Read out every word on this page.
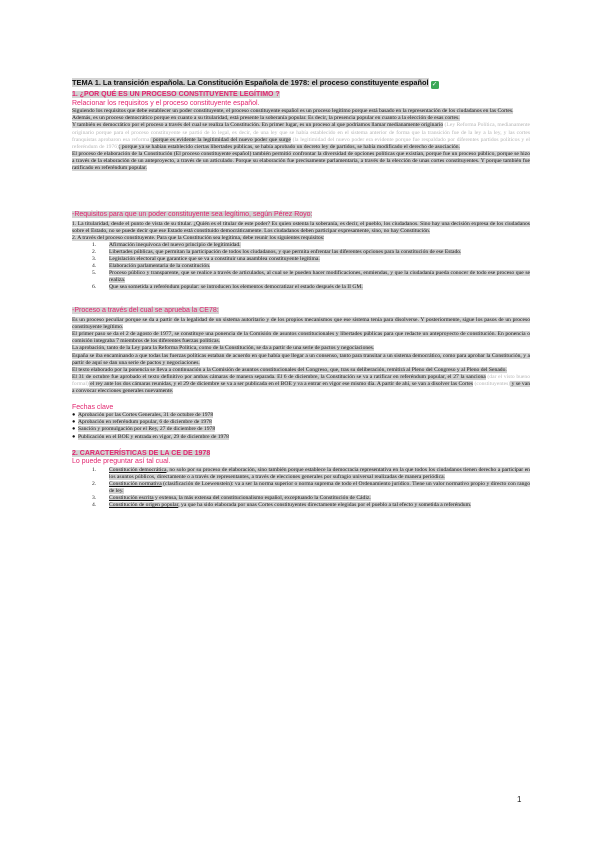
TEMA 1. La transición española. La Constitución Española de 1978: el proceso constituyente español ✓
1. ¿POR QUÉ ES UN PROCESO CONSTITUYENTE LEGÍTIMO ?
Relacionar los requisitos y el proceso constituyente español.

Siguiendo los requisitos que debe establecer un poder constituyente, el proceso constituyente español es un proceso legítimo porque está basado en la representación de los ciudadanos en las Cortes.

Además, es un proceso democrático porque en cuanto a su titularidad, está presente la soberanía popular. Es decir, la presencia popular en cuanto a la elección de esas cortes.

Y también es democrático por el proceso a través del cual se realiza la Constitución. En primer lugar, es un proceso al que podríamos llamar medianamente originario (Ley Reforma Política, medianamente originario porque para el proceso constituyente se partió de lo legal, es decir, de una ley que se había establecido en el sistema anterior de forma que la transición fue de la ley a la ley, y las cortes franquistas aprobaron esa reforma) porque es evidente la legitimidad del nuevo poder que surge (la legitimidad del nuevo poder era evidente porque fue respaldado por diferentes partidos políticos y el referéndum de 1976); porque ya se habían establecido ciertas libertades públicas, se había aprobado un decreto ley de partidos, se había modificado el derecho de asociación.

El proceso de elaboración de la Constitución (El proceso constituyente español) también permitió confrontar la diversidad de opciones políticas que existían, porque fue un proceso público, porque se hizo a través de la elaboración de un anteproyecto, a través de un articulado. Porque su elaboración fue precisamente parlamentaria, a través de la elección de unas cortes constituyentes. Y porque también fue ratificado en referéndum popular.

-Requisitos para que un poder constituyente sea legítimo, según Pérez Royo:

1. La titularidad, desde el punto de vista de su titular. ¿Quién es el titular de este poder? Es quien ostenta la soberanía, es decir, el pueblo, los ciudadanos. Sino hay una decisión expresa de los ciudadanos sobre el Estado, no se puede decir que ese Estado está constituido democráticamente. Los ciudadanos deben participar expresamente, sino, no hay Constitución.

2. A través del proceso constituyente. Para que la Constitución sea legítima, debe reunir los siguientes requisitos:

1. Afirmación inequívoca del nuevo principio de legitimidad.
2. Libertades públicas, que permitan la participación de todos los ciudadanos, y que permita enfrentar las diferentes opciones para la constitución de ese Estado.
3. Legislación electoral que garantice que se va a constituir una asamblea constituyente legítima.
4. Elaboración parlamentaria de la constitución.
5. Proceso público y transparente, que se realice a través de articulados, al cual se le pueden hacer modificaciones, enmiendas, y que la ciudadanía pueda conocer de todo ese proceso que se realiza.
6. Que sea sometida a referéndum popular: se introducen los elementos democratizar el estado después de la II GM.
-Proceso a través del cual se aprueba la CE78:

Es un proceso peculiar porque se da a partir de la legalidad de un sistema autoritario y de los propios mecanismos que ese sistema tenía para disolverse. Y posteriormente, sigue los pasos de un proceso constituyente legítimo.

El primer paso se da el 2 de agosto de 1977, se constituye una ponencia de la Comisión de asuntos constitucionales y libertades públicas para que redacte un anteproyecto de constitución. En ponencia o comisión integraba 7 miembros de los diferentes fuerzas políticas.

La aprobación, tanto de la Ley para la Reforma Política, como de la Constitución, se da a partir de una serie de pactos y negociaciones.

España se iba encaminando a que todas las fuerzas políticas estaban de acuerdo en que había que llegar a un consenso, tanto para transitar a un sistema democrático, como para aprobar la Constitución, y a partir de aquí se dan una serie de pactos y negociaciones.

El texto elaborado por la ponencia se lleva a continuación a la Comisión de asuntos constitucionales del Congreso, que, tras su deliberación, remitirá al Pleno del Congreso y al Pleno del Senado.

El 31 de octubre fue aprobado el texto definitivo por ambas cámaras de manera separada. El 6 de diciembre, la Constitución se va a ratificar en referéndum popular, el 27 la sanciona (dar el visto bueno formal) el rey ante los dos cámaras reunidas, y el 29 de diciembre se va a ser publicada en el BOE y va a entrar en vigor ese mismo día. A partir de ahí, se van a disolver las Cortes (constituyentes) y se van a convocar elecciones generales nuevamente.

Fechas clave
● Aprobación por las Cortes Generales, 31 de octubre de 1978
● Aprobación en referéndum popular, 6 de diciembre de 1978
● Sanción y promulgación por el Rey, 27 de diciembre de 1978
● Publicación en el BOE y entrada en vigor, 29 de diciembre de 1978
2. CARACTERÍSTICAS DE LA CE DE 1978
Lo puede preguntar así tal cual.
1. Constitución democrática, no solo por su proceso de elaboración, sino también porque establece la democracia representativa en la que todos los ciudadanos tienen derecho a participar en los asuntos públicos, directamente o a través de representantes, a través de elecciones generales por sufragio universal realizadas de manera periódica.
2. Constitución normativa (clasificación de Loewenstein): va a ser la norma superior o norma suprema de todo el Ordenamiento jurídico. Tiene un valor normativo propio y directo con rango de ley.
3. Constitución escrita y extensa, la más extensa del constitucionalismo español, exceptuando la Constitución de Cádiz.
4. Constitución de origen popular, ya que ha sido elaborada por unas Cortes constituyentes directamente elegidas por el pueblo a tal efecto y sometida a referéndum.
1
